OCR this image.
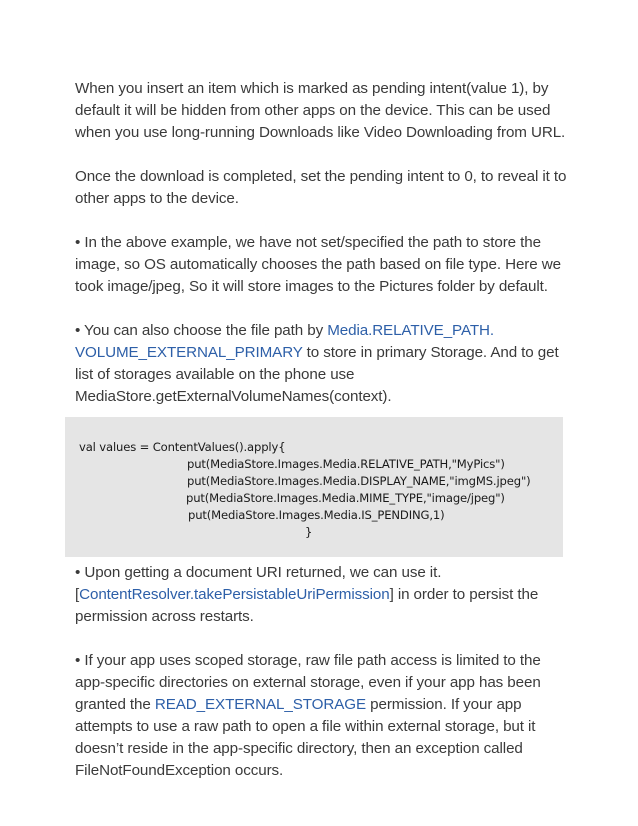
When you insert an item which is marked as pending intent(value 1), by default it will be hidden from other apps on the device. This can be used when you use long-running Downloads like Video Downloading from URL.

Once the download is completed, set the pending intent to 0, to reveal it to other apps to the device.

• In the above example, we have not set/specified the path to store the image, so OS automatically chooses the path based on file type. Here we took image/jpeg, So it will store images to the Pictures folder by default.

• You can also choose the file path by Media.RELATIVE_PATH. VOLUME_EXTERNAL_PRIMARY to store in primary Storage. And to get list of storages available on the phone use MediaStore.getExternalVolumeNames(context).

val values = ContentValues().apply{
put(MediaStore.Images.Media.RELATIVE_PATH,"MyPics")
put(MediaStore.Images.Media.DISPLAY_NAME,"imgMS.jpeg")
put(MediaStore.Images.Media.MIME_TYPE,"image/jpeg")
put(MediaStore.Images.Media.IS_PENDING,1)
}

• Upon getting a document URI returned, we can use it.[ContentResolver.takePersistableUriPermission] in order to persist the permission across restarts.

• If your app uses scoped storage, raw file path access is limited to the app-specific directories on external storage, even if your app has been granted the READ_EXTERNAL_STORAGE permission. If your app attempts to use a raw path to open a file within external storage, but it doesn’t reside in the app-specific directory, then an exception called FileNotFoundException occurs.
